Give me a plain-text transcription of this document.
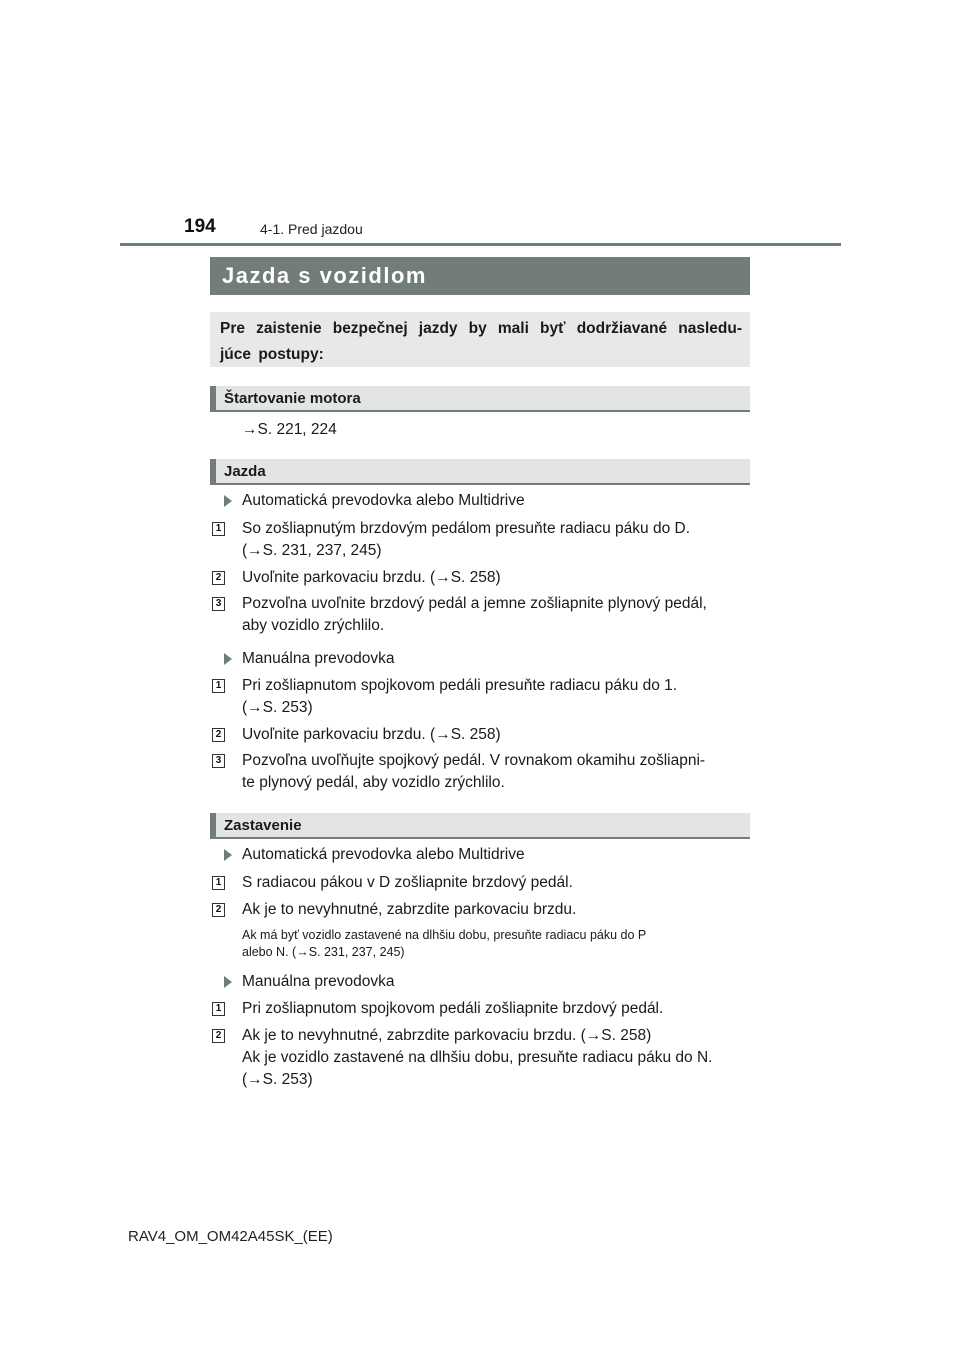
194	4-1. Pred jazdou
Jazda s vozidlom
Pre zaistenie bezpečnej jazdy by mali byť dodržiavané nasledu- júce postupy:
Štartovanie motora
→S. 221, 224
Jazda
Automatická prevodovka alebo Multidrive
1 So zošliapnutým brzdovým pedálom presuňte radiacu páku do D.
(→S. 231, 237, 245)
2 Uvoľnite parkovaciu brzdu. (→S. 258)
3 Pozvoľna uvoľnite brzdový pedál a jemne zošliapnite plynový pedál,
aby vozidlo zrýchlilo.
Manuálna prevodovka
1 Pri zošliapnutom spojkovom pedáli presuňte radiacu páku do 1.
(→S. 253)
2 Uvoľnite parkovaciu brzdu. (→S. 258)
3 Pozvoľna uvoľňujte spojkový pedál. V rovnakom okamihu zošliapni-
te plynový pedál, aby vozidlo zrýchlilo.
Zastavenie
Automatická prevodovka alebo Multidrive
1 S radiacou pákou v D zošliapnite brzdový pedál.
2 Ak je to nevyhnutné, zabrzdite parkovaciu brzdu.
Ak má byť vozidlo zastavené na dlhšiu dobu, presuňte radiacu páku do P
alebo N. (→S. 231, 237, 245)
Manuálna prevodovka
1 Pri zošliapnutom spojkovom pedáli zošliapnite brzdový pedál.
2 Ak je to nevyhnutné, zabrzdite parkovaciu brzdu. (→S. 258)
Ak je vozidlo zastavené na dlhšiu dobu, presuňte radiacu páku do N.
(→S. 253)
RAV4_OM_OM42A45SK_(EE)
